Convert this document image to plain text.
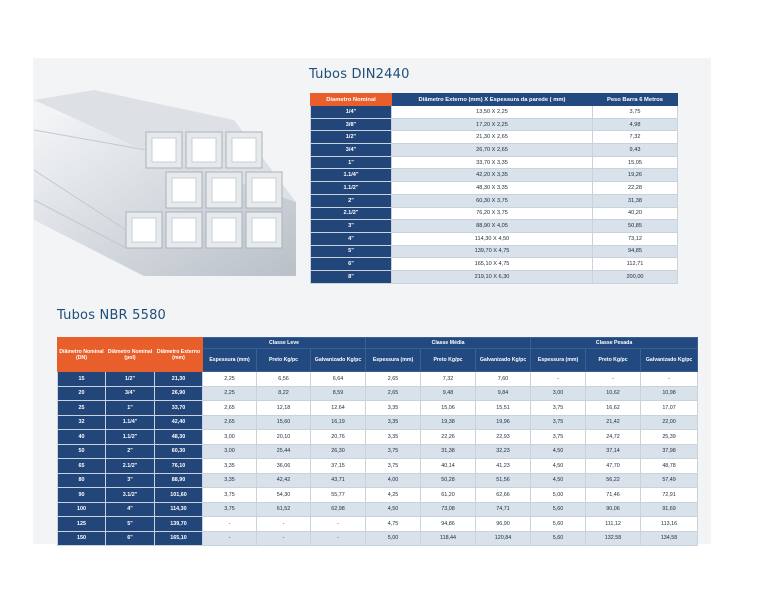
Tubos DIN2440
Diametro Nominal	Diâmetro Externo (mm) X Espessura da parede ( mm)	Peso Barra 6 Metros
1/4"	13,50 X 2,25	3,75
3/8"	17,20 X 2,25	4,98
1/2"	21,30 X 2,65	7,32
3/4"	26,70 X 2,65	9,43
1"	33,70 X 3,35	15,05
1.1/4"	42,20 X 3,35	19,26
1.1/2"	48,30 X 3,35	22,28
2"	60,30 X 3,75	31,38
2.1/2"	76,20 X 3,75	40,20
3"	88,90 X 4,05	50,85
4"	114,30 X 4,50	73,12
5"	139,70 X 4,75	94,85
6"	165,10 X 4,75	112,71
8"	219,10 X 6,30	200,00
Tubos NBR 5580
Diâmetro Nominal (DN)	Diâmetro Nominal (pol)	Diâmetro Externo (mm)	Classe Leve			Classe Média			Classe Pesada		
			Espessura (mm)	Preto Kg/pc	Galvanizado Kg/pc	Espessura (mm)	Preto Kg/pc	Galvanizado Kg/pc	Espessura (mm)	Preto Kg/pc	Galvanizado Kg/pc
15	1/2"	21,30	2,25	6,56	6,64	2,65	7,32	7,60	-	-	-
20	3/4"	26,90	2,25	8,22	8,59	2,65	9,48	9,84	3,00	10,62	10,98
25	1"	33,70	2,65	12,18	12,64	3,35	15,06	15,51	3,75	16,62	17,07
32	1.1/4"	42,40	2,65	15,60	16,19	3,35	19,38	19,96	3,75	21,42	22,00
40	1.1/2"	48,30	3,00	20,10	20,76	3,35	22,26	22,93	3,75	24,72	25,39
50	2"	60,30	3,00	25,44	26,30	3,75	31,38	32,23	4,50	37,14	37,98
65	2.1/2"	76,10	3,35	36,06	37,15	3,75	40,14	41,23	4,50	47,70	48,78
80	3"	88,90	3,35	42,42	43,71	4,00	50,28	51,56	4,50	56,22	57,49
90	3.1/2"	101,60	3,75	54,30	55,77	4,25	61,20	62,66	5,00	71,46	72,91
100	4"	114,30	3,75	61,52	62,98	4,50	73,08	74,71	5,60	90,06	91,69
125	5"	139,70	-	-	-	4,75	94,86	96,90	5,60	111,12	113,16
150	6"	165,10	-	-	-	5,00	118,44	120,84	5,60	132,58	134,58
